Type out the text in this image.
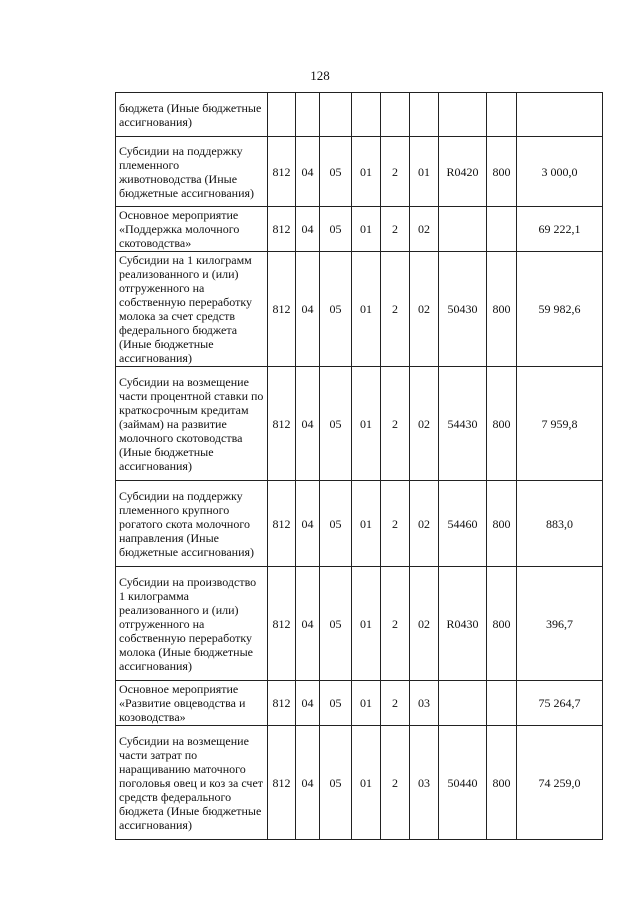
128
бюджета (Иные бюджетные ассигнования)									
Субсидии на поддержку племенного животноводства (Иные бюджетные ассигнования)	812	04	05	01	2	01	R0420	800	3 000,0
Основное мероприятие «Поддержка молочного скотоводства»	812	04	05	01	2	02			69 222,1
Субсидии на 1 килограмм реализованного и (или) отгруженного на собственную переработку молока за счет средств федерального бюджета (Иные бюджетные ассигнования)	812	04	05	01	2	02	50430	800	59 982,6
Субсидии на возмещение части процентной ставки по краткосрочным кредитам (займам) на развитие молочного скотоводства (Иные бюджетные ассигнования)	812	04	05	01	2	02	54430	800	7 959,8
Субсидии на поддержку племенного крупного рогатого скота молочного направления (Иные бюджетные ассигнования)	812	04	05	01	2	02	54460	800	883,0
Субсидии на производство 1 килограмма реализованного и (или) отгруженного на собственную переработку молока (Иные бюджетные ассигнования)	812	04	05	01	2	02	R0430	800	396,7
Основное мероприятие «Развитие овцеводства и козоводства»	812	04	05	01	2	03			75 264,7
Субсидии на возмещение части затрат по наращиванию маточного поголовья овец и коз за счет средств федерального бюджета (Иные бюджетные ассигнования)	812	04	05	01	2	03	50440	800	74 259,0
